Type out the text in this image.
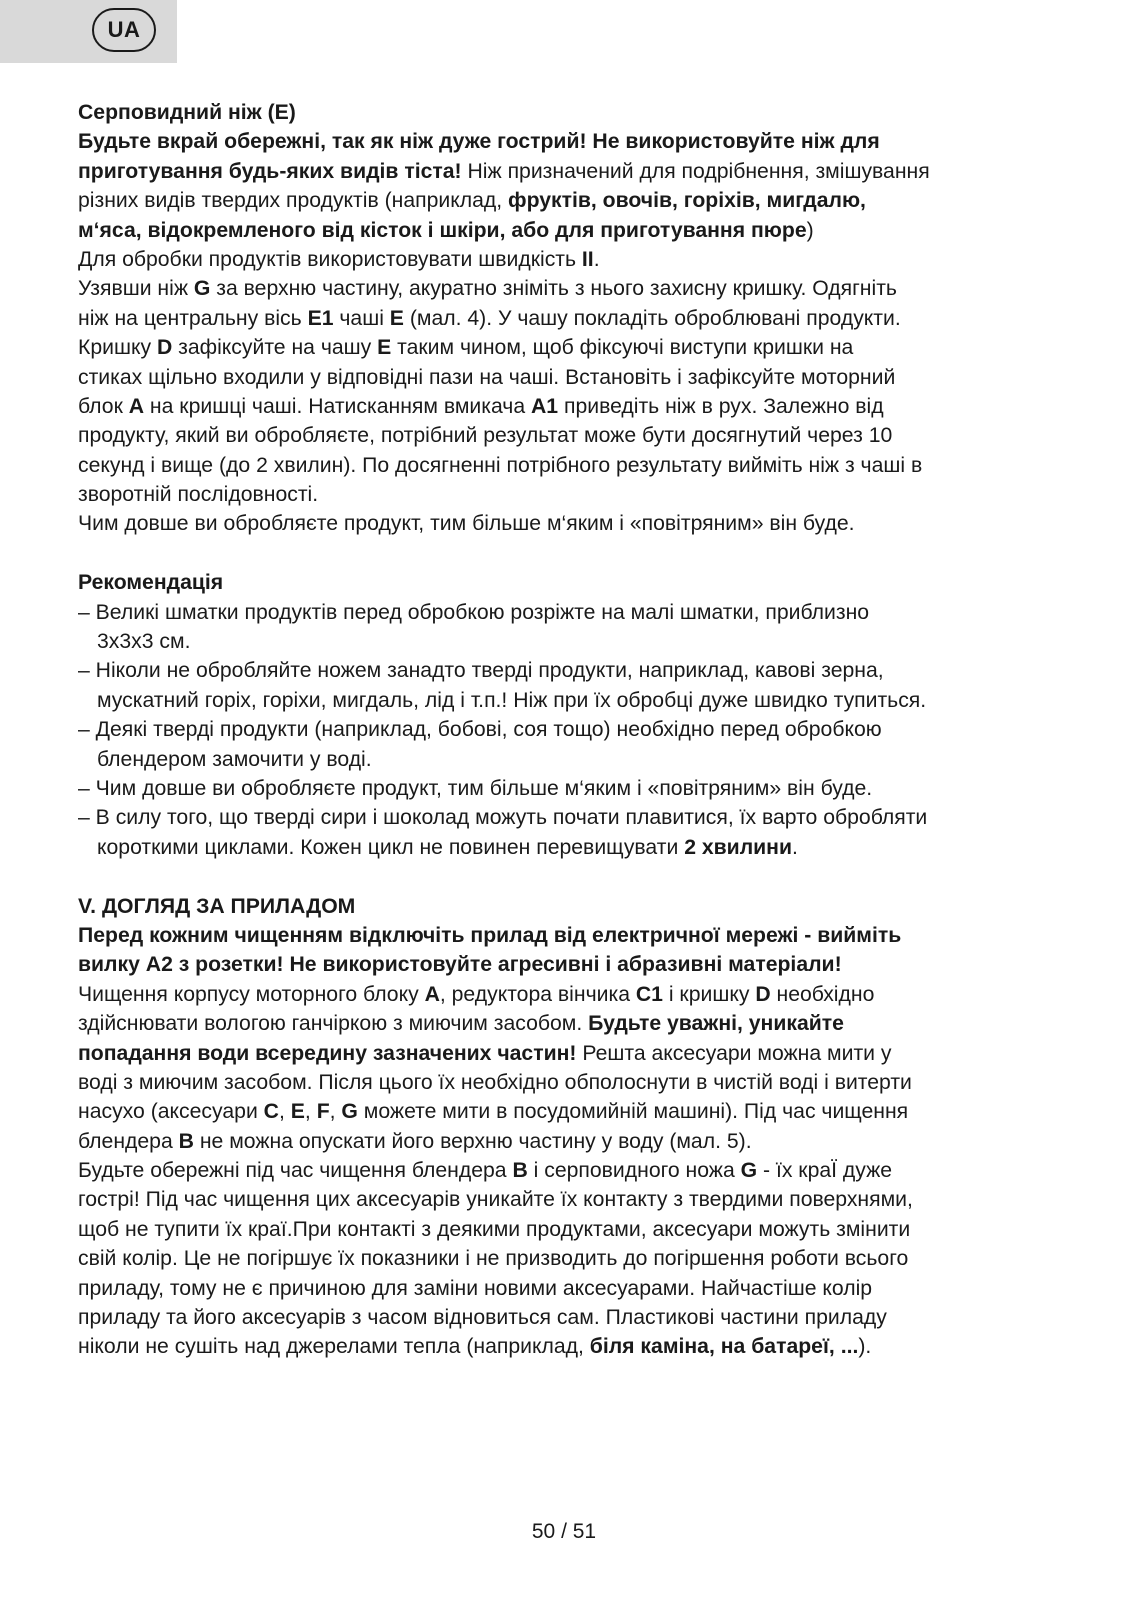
UA
Серповидний ніж (E)
Будьте вкрай обережні, так як ніж дуже гострий! Не використовуйте ніж для
приготування будь-яких видів тіста! Ніж призначений для подрібнення, змішування
різних видів твердих продуктів (наприклад, фруктів, овочів, горіхів, мигдалю,
м‘яса, відокремленого від кісток і шкіри, або для приготування пюре)
Для обробки продуктів використовувати швидкість II.
Узявши ніж G за верхню частину, акуратно зніміть з нього захисну кришку. Одягніть
ніж на центральну вісь E1 чаші E (мал. 4). У чашу покладіть оброблювані продукти.
Кришку D зафіксуйте на чашу E таким чином, щоб фіксуючі виступи кришки на
стиках щільно входили у відповідні пази на чаші. Встановіть і зафіксуйте моторний
блок A на кришці чаші. Натисканням вмикача A1 приведіть ніж в рух. Залежно від
продукту, який ви обробляєте, потрібний результат може бути досягнутий через 10
секунд і вище (до 2 хвилин). По досягненні потрібного результату вийміть ніж з чаші в
зворотній послідовності.
Чим довше ви обробляєте продукт, тим більше м‘яким і «повітряним» він буде.
Рекомендація
– Великі шматки продуктів перед обробкою розріжте на малі шматки, приблизно
3x3x3 см.
– Ніколи не обробляйте ножем занадто тверді продукти, наприклад, кавові зерна,
мускатний горіх, горіхи, мигдаль, лід і т.п.! Ніж при їх обробці дуже швидко тупиться.
– Деякі тверді продукти (наприклад, бобові, соя тощо) необхідно перед обробкою
блендером замочити у воді.
– Чим довше ви обробляєте продукт, тим більше м‘яким і «повітряним» він буде.
– В силу того, що тверді сири і шоколад можуть почати плавитися, їх варто обробляти
короткими циклами. Кожен цикл не повинен перевищувати 2 хвилини.
V. ДОГЛЯД ЗА ПРИЛАДОМ
Перед кожним чищенням відключіть прилад від електричної мережі - вийміть
вилку A2 з розетки! Не використовуйте агресивні і абразивні матеріали!
Чищення корпусу моторного блоку A, редуктора вінчика C1 і кришку D необхідно
здійснювати вологою ганчіркою з миючим засобом. Будьте уважні, уникайте
попадання води всередину зазначених частин! Решта аксесуари можна мити у
воді з миючим засобом. Після цього їх необхідно обполоснути в чистій воді і витерти
насухо (аксесуари C, E, F, G можете мити в посудомийній машині). Під час чищення
блендера B не можна опускати його верхню частину у воду (мал. 5).
Будьте обережні під час чищення блендера B і серповидного ножа G - їх краЇ дуже
гострі! Під час чищення цих аксесуарів уникайте їх контакту з твердими поверхнями,
щоб не тупити їх краї.При контакті з деякими продуктами, аксесуари можуть змінити
свій колір. Це не погіршує їх показники і не призводить до погіршення роботи всього
приладу, тому не є причиною для заміни новими аксесуарами. Найчастіше колір
приладу та його аксесуарів з часом відновиться сам. Пластикові частини приладу
ніколи не сушіть над джерелами тепла (наприклад, біля каміна, на батареї, ...).
50 / 51
